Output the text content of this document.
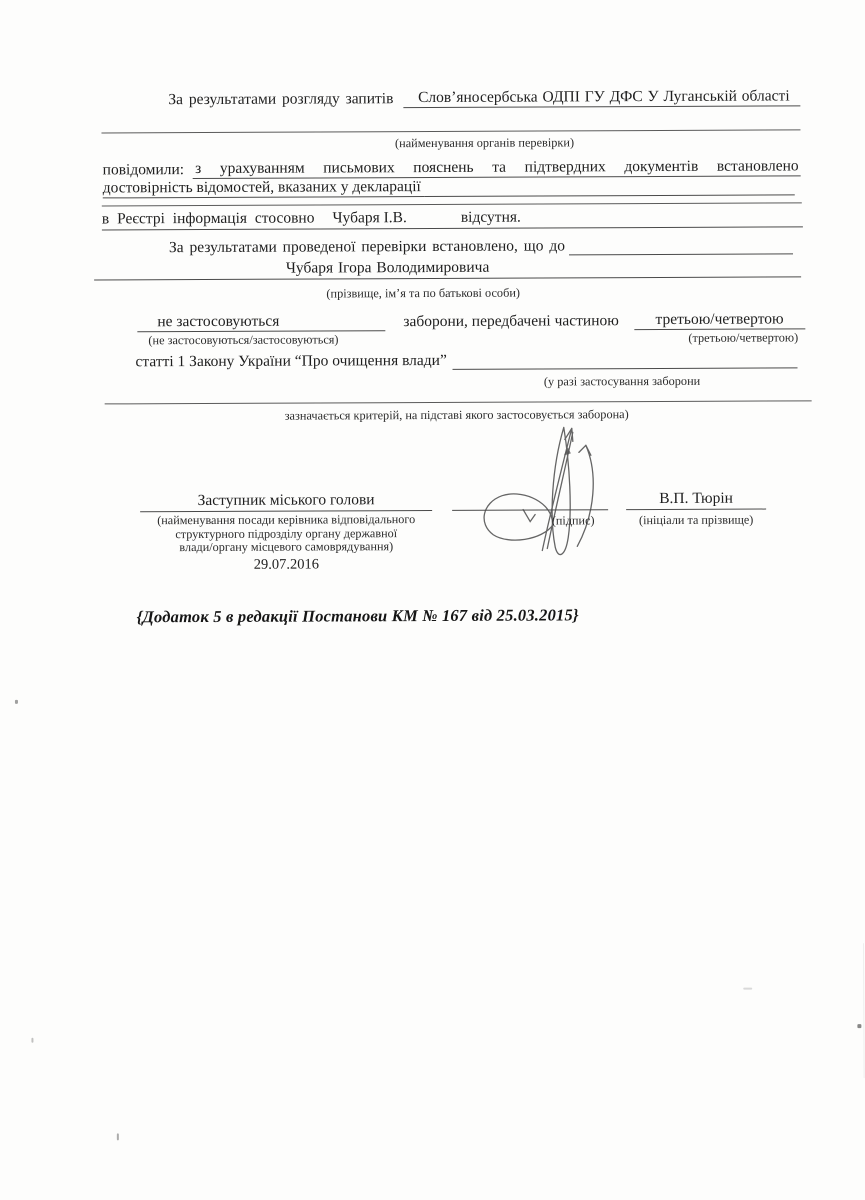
За результатами розгляду запитів	Слов’яносербська ОДПІ ГУ ДФС У Луганській області
(найменування органів перевірки)
повідомили: з урахуванням письмових пояснень та підтвердних документів встановлено
достовірність відомостей, вказаних у декларації
в Реєстрі інформація стосовно Чубаря І.В.	відсутня.
За результатами проведеної перевірки встановлено, що до
Чубаря Ігора Володимировича
(прізвище, ім’я та по батькові особи)
не застосовуються	заборони, передбачені частиною	третьою/четвертою
(не застосовуються/застосовуються)	(третьою/четвертою)
статті 1 Закону України “Про очищення влади”
(у разі застосування заборони
зазначається критерій, на підставі якого застосовується заборона)
Заступник міського голови
(найменування посади керівника відповідального
структурного підрозділу органу державної
влади/органу місцевого самоврядування)
29.07.2016
(підпис)
В.П. Тюрін
(ініціали та прізвище)
{Додаток 5 в редакції Постанови КМ № 167 від 25.03.2015}
